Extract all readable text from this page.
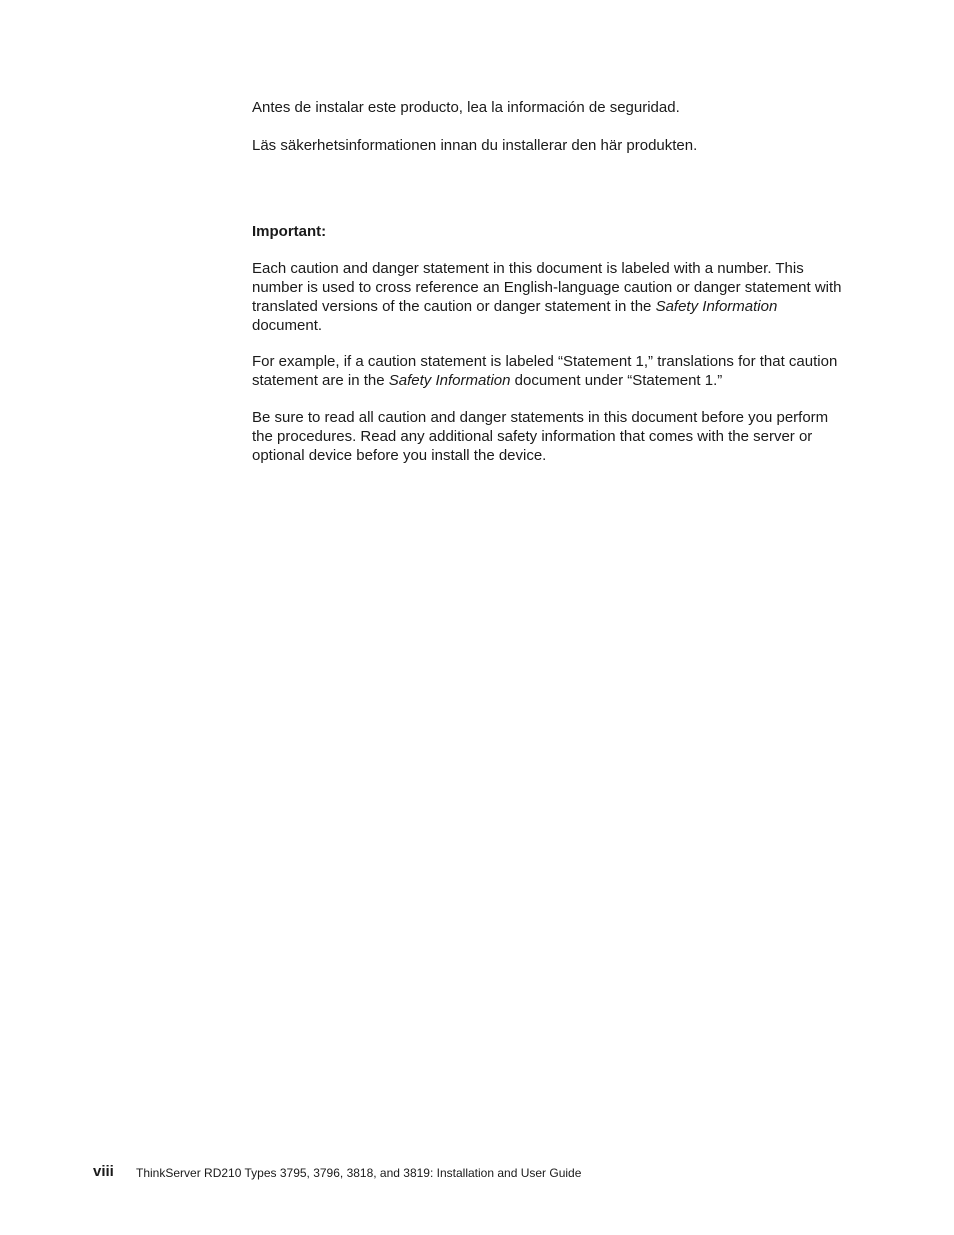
Antes de instalar este producto, lea la información de seguridad.

Läs säkerhetsinformationen innan du installerar den här produkten.

Important:

Each caution and danger statement in this document is labeled with a number. This number is used to cross reference an English-language caution or danger statement with translated versions of the caution or danger statement in the Safety Information document.

For example, if a caution statement is labeled “Statement 1,” translations for that caution statement are in the Safety Information document under “Statement 1.”

Be sure to read all caution and danger statements in this document before you perform the procedures. Read any additional safety information that comes with the server or optional device before you install the device.

viii ThinkServer RD210 Types 3795, 3796, 3818, and 3819: Installation and User Guide
